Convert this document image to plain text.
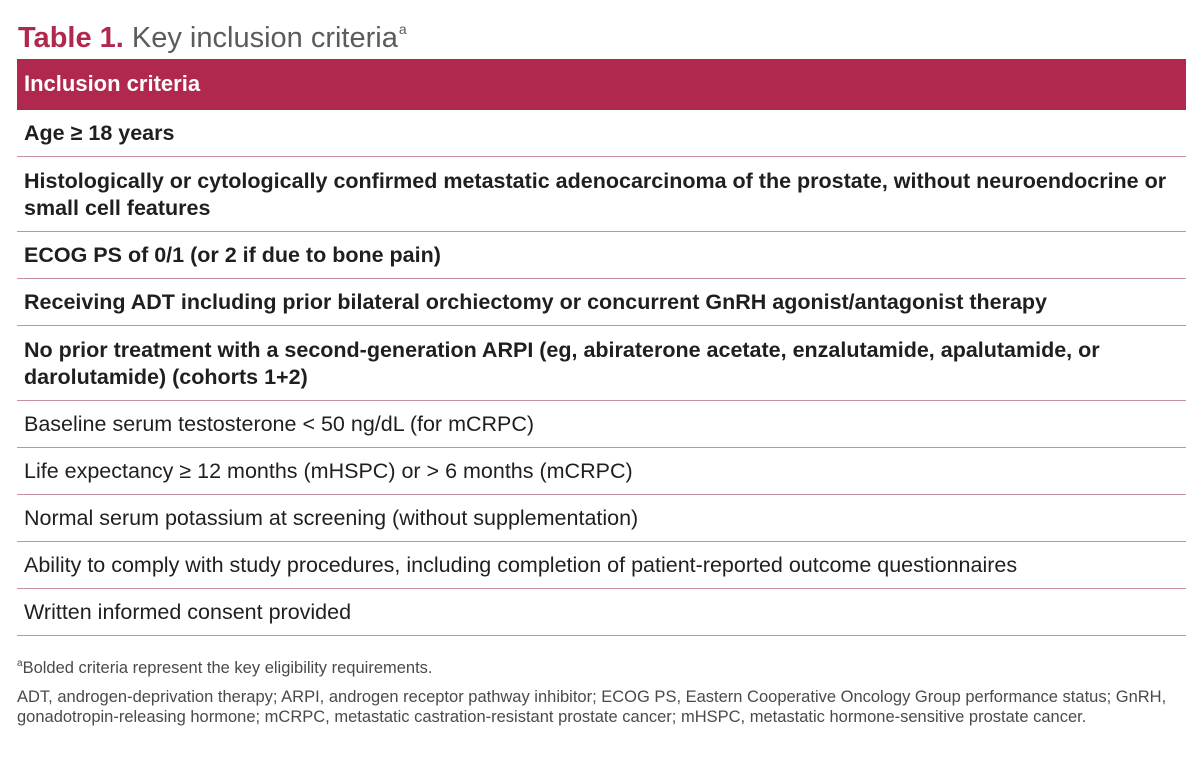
Table 1. Key inclusion criteria$^a$
Inclusion criteria
Age ≥ 18 years
Histologically or cytologically confirmed metastatic adenocarcinoma of the prostate, without neuroendocrine or small cell features
ECOG PS of 0/1 (or 2 if due to bone pain)
Receiving ADT including prior bilateral orchiectomy or concurrent GnRH agonist/antagonist therapy
No prior treatment with a second-generation ARPI (eg, abiraterone acetate, enzalutamide, apalutamide, or darolutamide) (cohorts 1+2)
Baseline serum testosterone < 50 ng/dL (for mCRPC)
Life expectancy ≥ 12 months (mHSPC) or > 6 months (mCRPC)
Normal serum potassium at screening (without supplementation)
Ability to comply with study procedures, including completion of patient-reported outcome questionnaires
Written informed consent provided
$^a$Bolded criteria represent the key eligibility requirements.
ADT, androgen-deprivation therapy; ARPI, androgen receptor pathway inhibitor; ECOG PS, Eastern Cooperative Oncology Group performance status; GnRH, gonadotropin-releasing hormone; mCRPC, metastatic castration-resistant prostate cancer; mHSPC, metastatic hormone-sensitive prostate cancer.
